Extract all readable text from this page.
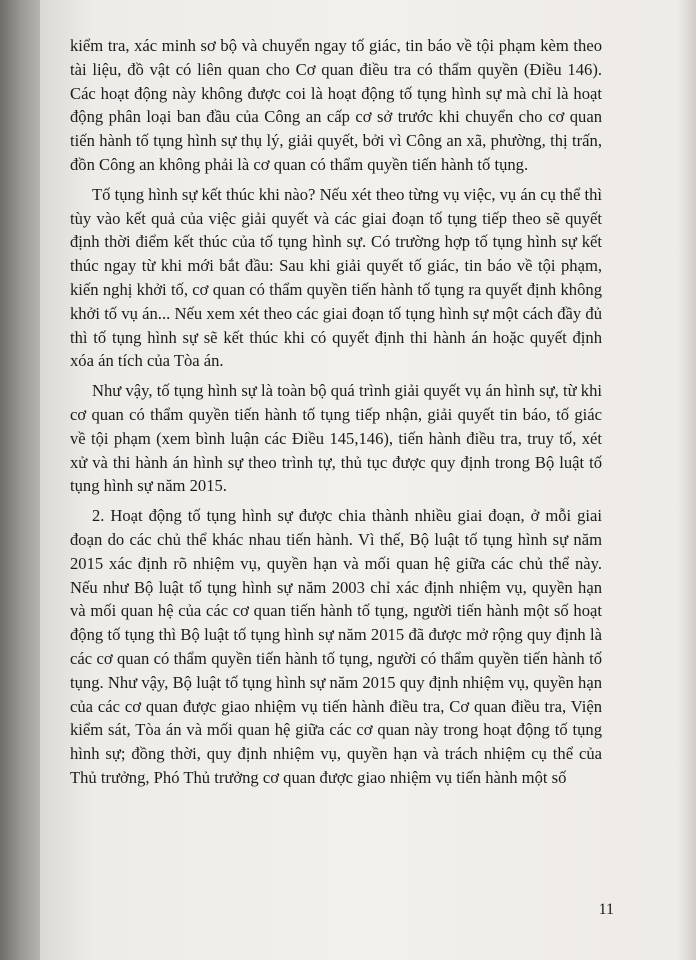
kiểm tra, xác minh sơ bộ và chuyển ngay tố giác, tin báo về tội phạm kèm theo tài liệu, đồ vật có liên quan cho Cơ quan điều tra có thẩm quyền (Điều 146). Các hoạt động này không được coi là hoạt động tố tụng hình sự mà chỉ là hoạt động phân loại ban đầu của Công an cấp cơ sở trước khi chuyển cho cơ quan tiến hành tố tụng hình sự thụ lý, giải quyết, bởi vì Công an xã, phường, thị trấn, đồn Công an không phải là cơ quan có thẩm quyền tiến hành tố tụng.

Tố tụng hình sự kết thúc khi nào? Nếu xét theo từng vụ việc, vụ án cụ thể thì tùy vào kết quả của việc giải quyết và các giai đoạn tố tụng tiếp theo sẽ quyết định thời điểm kết thúc của tố tụng hình sự. Có trường hợp tố tụng hình sự kết thúc ngay từ khi mới bắt đầu: Sau khi giải quyết tố giác, tin báo về tội phạm, kiến nghị khởi tố, cơ quan có thẩm quyền tiến hành tố tụng ra quyết định không khởi tố vụ án... Nếu xem xét theo các giai đoạn tố tụng hình sự một cách đầy đủ thì tố tụng hình sự sẽ kết thúc khi có quyết định thi hành án hoặc quyết định xóa án tích của Tòa án.

Như vậy, tố tụng hình sự là toàn bộ quá trình giải quyết vụ án hình sự, từ khi cơ quan có thẩm quyền tiến hành tố tụng tiếp nhận, giải quyết tin báo, tố giác về tội phạm (xem bình luận các Điều 145,146), tiến hành điều tra, truy tố, xét xử và thi hành án hình sự theo trình tự, thủ tục được quy định trong Bộ luật tố tụng hình sự năm 2015.

2. Hoạt động tố tụng hình sự được chia thành nhiều giai đoạn, ở mỗi giai đoạn do các chủ thể khác nhau tiến hành. Vì thế, Bộ luật tố tụng hình sự năm 2015 xác định rõ nhiệm vụ, quyền hạn và mối quan hệ giữa các chủ thể này. Nếu như Bộ luật tố tụng hình sự năm 2003 chỉ xác định nhiệm vụ, quyền hạn và mối quan hệ của các cơ quan tiến hành tố tụng, người tiến hành một số hoạt động tố tụng thì Bộ luật tố tụng hình sự năm 2015 đã được mở rộng quy định là các cơ quan có thẩm quyền tiến hành tố tụng, người có thẩm quyền tiến hành tố tụng. Như vậy, Bộ luật tố tụng hình sự năm 2015 quy định nhiệm vụ, quyền hạn của các cơ quan được giao nhiệm vụ tiến hành điều tra, Cơ quan điều tra, Viện kiểm sát, Tòa án và mối quan hệ giữa các cơ quan này trong hoạt động tố tụng hình sự; đồng thời, quy định nhiệm vụ, quyền hạn và trách nhiệm cụ thể của Thủ trưởng, Phó Thủ trưởng cơ quan được giao nhiệm vụ tiến hành một số

11
